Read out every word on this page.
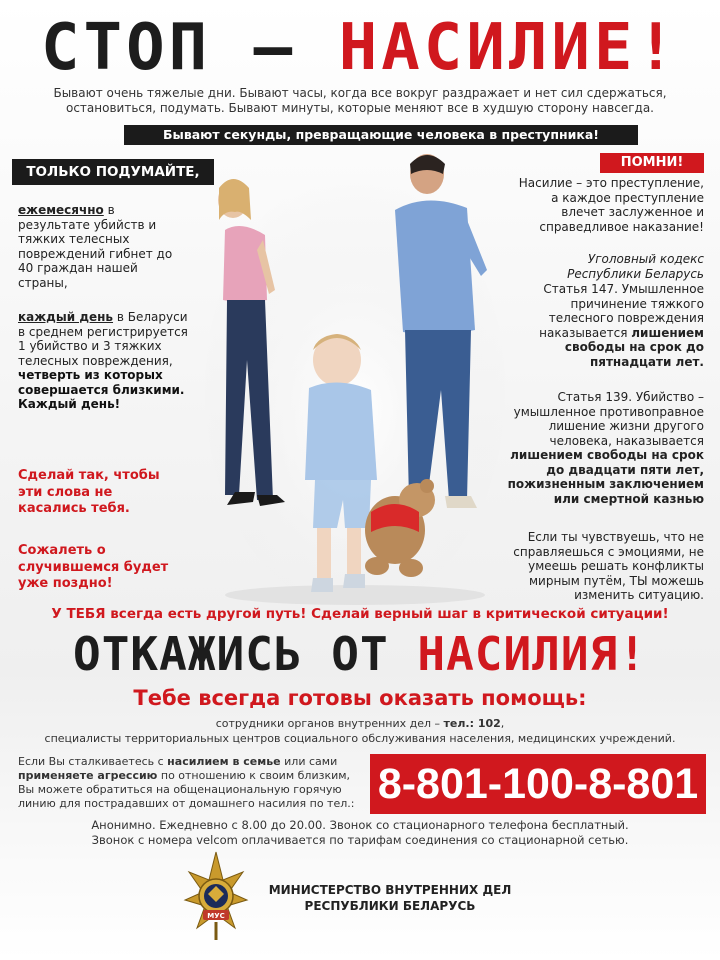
СТОП – НАСИЛИЕ!
Бывают очень тяжелые дни. Бывают часы, когда все вокруг раздражает и нет сил сдержаться,
остановиться, подумать. Бывают минуты, которые меняют все в худшую сторону навсегда.
Бывают секунды, превращающие человека в преступника!
ТОЛЬКО ПОДУМАЙТЕ,
ежемесячно в результате убийств и тяжких телесных повреждений гибнет до 40 граждан нашей страны,
каждый день в Беларуси в среднем регистрируется 1 убийство и 3 тяжких телесных повреждения, четверть из которых совершается близкими. Каждый день!
Сделай так, чтобы эти слова не касались тебя.
Сожалеть о случившемся будет уже поздно!
ПОМНИ!
Насилие – это преступление, а каждое преступление влечет заслуженное и справедливое наказание!
Уголовный кодекс Республики Беларусь
Статья 147. Умышленное причинение тяжкого телесного повреждения наказывается лишением свободы на срок до пятнадцати лет.
Статья 139. Убийство – умышленное противоправное лишение жизни другого человека, наказывается лишением свободы на срок до двадцати пяти лет, пожизненным заключением или смертной казнью
Если ты чувствуешь, что не справляешься с эмоциями, не умеешь решать конфликты мирным путём, ТЫ можешь изменить ситуацию.
У ТЕБЯ всегда есть другой путь! Сделай верный шаг в критической ситуации!
ОТКАЖИСЬ ОТ НАСИЛИЯ!
Тебе всегда готовы оказать помощь:
сотрудники органов внутренних дел – тел.: 102,
специалисты территориальных центров социального обслуживания населения, медицинских учреждений.
Если Вы сталкиваетесь с насилием в семье или сами применяете агрессию по отношению к своим близким, Вы можете обратиться на общенациональную горячую линию для пострадавших от домашнего насилия по тел.: 8-801-100-8-801
Анонимно. Ежедневно с 8.00 до 20.00. Звонок со стационарного телефона бесплатный.
Звонок с номера velcom оплачивается по тарифам соединения со стационарной сетью.
МУС
МИНИСТЕРСТВО ВНУТРЕННИХ ДЕЛ
РЕСПУБЛИКИ БЕЛАРУСЬ
